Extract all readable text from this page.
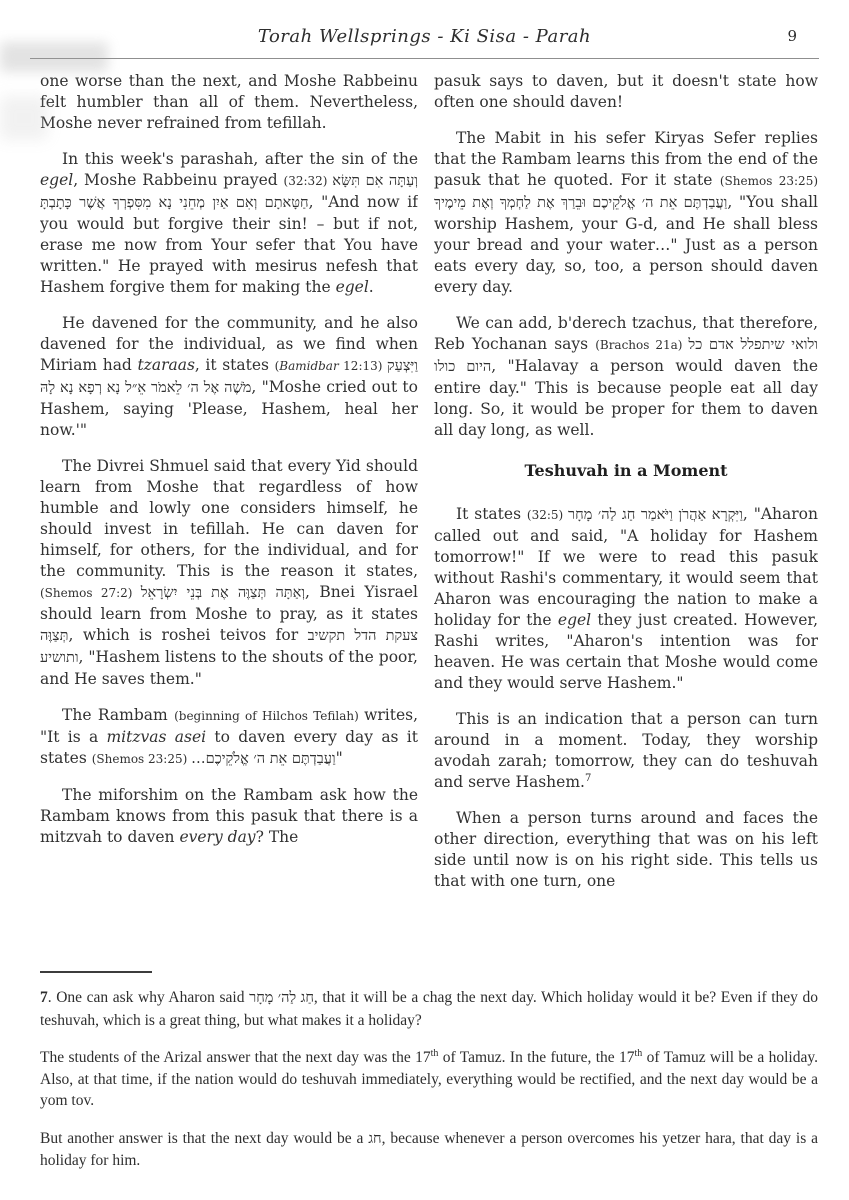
Torah Wellsprings - Ki Sisa - Parah	9

one worse than the next, and Moshe Rabbeinu felt humbler than all of them. Nevertheless, Moshe never refrained from tefillah.

In this week's parashah, after the sin of the egel, Moshe Rabbeinu prayed (32:32) וְעַתָּה אִם תִּשָּׂא חַטָּאתָם וְאִם אַיִן מְחֵנִי נָא מִסִּפְרְךָ אֲשֶׁר כָּתָבְתָּ, "And now if you would but forgive their sin! – but if not, erase me now from Your sefer that You have written." He prayed with mesirus nefesh that Hashem forgive them for making the egel.

He davened for the community, and he also davened for the individual, as we find when Miriam had tzaraas, it states (Bamidbar 12:13) וַיִּצְעַק מֹשֶׁה אֶל ה׳ לֵאמֹר אֵ״ל נָא רְפָא נָא לָהּ, "Moshe cried out to Hashem, saying 'Please, Hashem, heal her now.'"

The Divrei Shmuel said that every Yid should learn from Moshe that regardless of how humble and lowly one considers himself, he should invest in tefillah. He can daven for himself, for others, for the individual, and for the community. This is the reason it states, (Shemos 27:2) וְאַתָּה תְּצַוֶּה אֶת בְּנֵי יִשְׂרָאֵל, Bnei Yisrael should learn from Moshe to pray, as it states תְּצַוֶּה, which is roshei teivos for צעקת הדל תקשיב ותושיע, "Hashem listens to the shouts of the poor, and He saves them."

The Rambam (beginning of Hilchos Tefilah) writes, "It is a mitzvas asei to daven every day as it states (Shemos 23:25) וַעֲבַדְתֶּם אֵת ה׳ אֱלֹקֵיכֶם…"

The miforshim on the Rambam ask how the Rambam knows from this pasuk that there is a mitzvah to daven every day? The

pasuk says to daven, but it doesn't state how often one should daven!

The Mabit in his sefer Kiryas Sefer replies that the Rambam learns this from the end of the pasuk that he quoted. For it state (Shemos 23:25) וַעֲבַדְתֶּם אֵת ה׳ אֱלֹקֵיכֶם וּבֵרַךְ אֶת לַחְמְךָ וְאֶת מֵימֶיךָ, "You shall worship Hashem, your G-d, and He shall bless your bread and your water…" Just as a person eats every day, so, too, a person should daven every day.

We can add, b'derech tzachus, that therefore, Reb Yochanan says (Brachos 21a) ולואי שיתפלל אדם כל היום כולו, "Halavay a person would daven the entire day." This is because people eat all day long. So, it would be proper for them to daven all day long, as well.

Teshuvah in a Moment

It states (32:5) וַיִּקְרָא אַהֲרֹן וַיֹּאמַר חַג לַה׳ מָחָר, "Aharon called out and said, "A holiday for Hashem tomorrow!" If we were to read this pasuk without Rashi's commentary, it would seem that Aharon was encouraging the nation to make a holiday for the egel they just created. However, Rashi writes, "Aharon's intention was for heaven. He was certain that Moshe would come and they would serve Hashem."

This is an indication that a person can turn around in a moment. Today, they worship avodah zarah; tomorrow, they can do teshuvah and serve Hashem.$^7$

When a person turns around and faces the other direction, everything that was on his left side until now is on his right side. This tells us that with one turn, one

7. One can ask why Aharon said חַג לַה׳ מָחָר, that it will be a chag the next day. Which holiday would it be? Even if they do teshuvah, which is a great thing, but what makes it a holiday?

The students of the Arizal answer that the next day was the 17th of Tamuz. In the future, the 17th of Tamuz will be a holiday. Also, at that time, if the nation would do teshuvah immediately, everything would be rectified, and the next day would be a yom tov.

But another answer is that the next day would be a חג, because whenever a person overcomes his yetzer hara, that day is a holiday for him.
